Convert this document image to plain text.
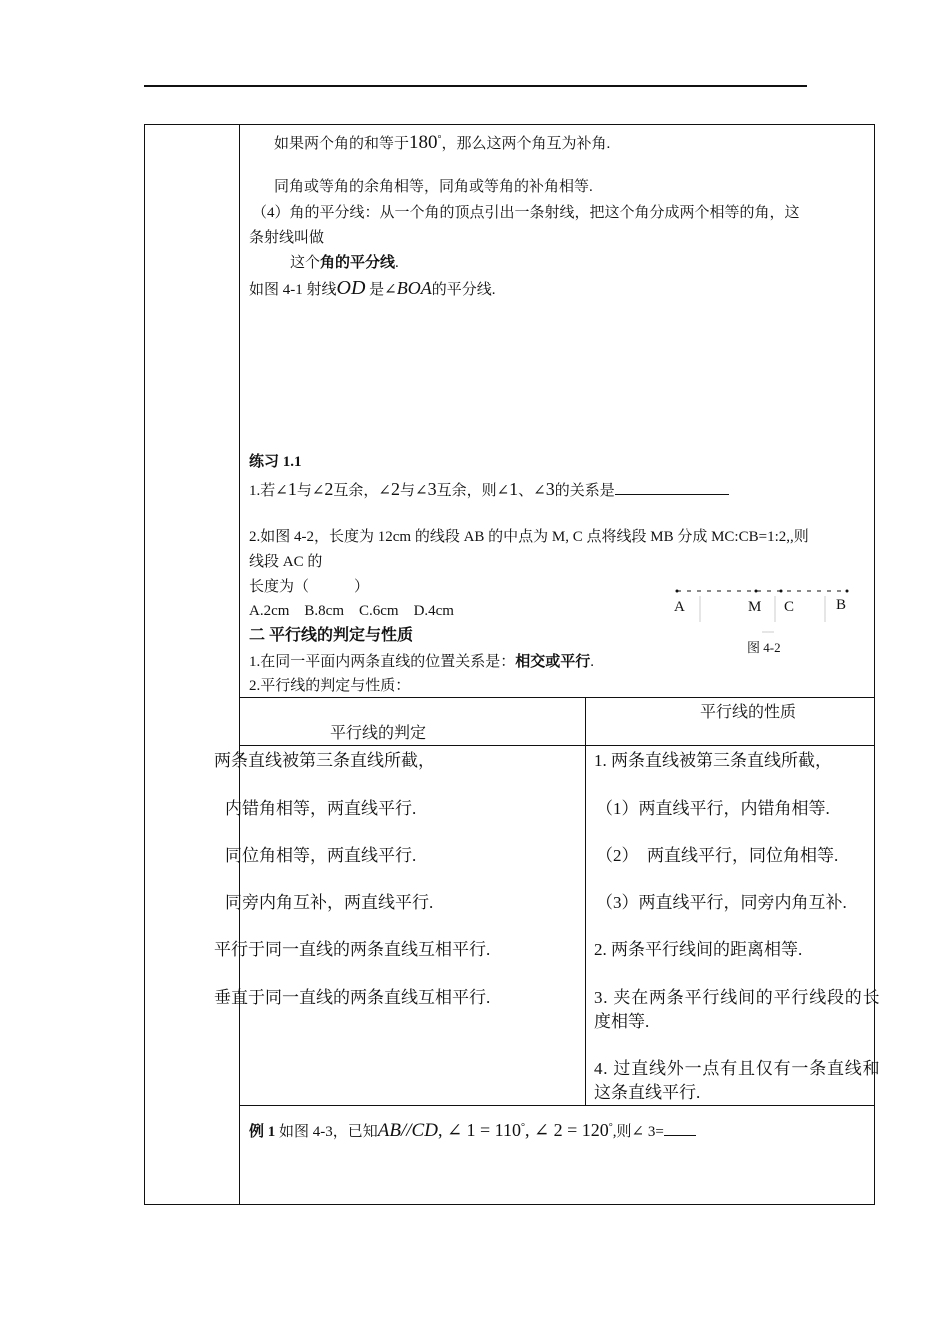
如果两个角的和等于180°，那么这两个角互为补角.
同角或等角的余角相等，同角或等角的补角相等.
（4）角的平分线：从一个角的顶点引出一条射线，把这个角分成两个相等的角，这
条射线叫做
这个角的平分线.
如图 4-1 射线OD 是∠BOA的平分线.
练习 1.1
1.若∠1与∠2互余，∠2与∠3互余，则∠1、∠3的关系是
2.如图 4-2，长度为 12cm 的线段 AB 的中点为 M, C 点将线段 MB 分成 MC:CB=1:2,,则
线段 AC 的
长度为（　　　）
A.2cm    B.8cm    C.6cm    D.4cm	A	M C	B
图 4-2
二 平行线的判定与性质
1.在同一平面内两条直线的位置关系是：相交或平行.
2.平行线的判定与性质：
平行线的判定
平行线的性质
两条直线被第三条直线所截，
内错角相等，两直线平行.
同位角相等，两直线平行.
同旁内角互补，两直线平行.
平行于同一直线的两条直线互相平行.
垂直于同一直线的两条直线互相平行.
1. 两条直线被第三条直线所截，
（1）两直线平行，内错角相等.
（2）  两直线平行，同位角相等.
（3）两直线平行，同旁内角互补.
2. 两条平行线间的距离相等.
3. 夹在两条平行线间的平行线段的长
度相等.
4. 过直线外一点有且仅有一条直线和
这条直线平行.
例 1 如图 4-3，已知AB//CD, ∠ 1 = 110°, ∠ 2 = 120°,则∠ 3=
